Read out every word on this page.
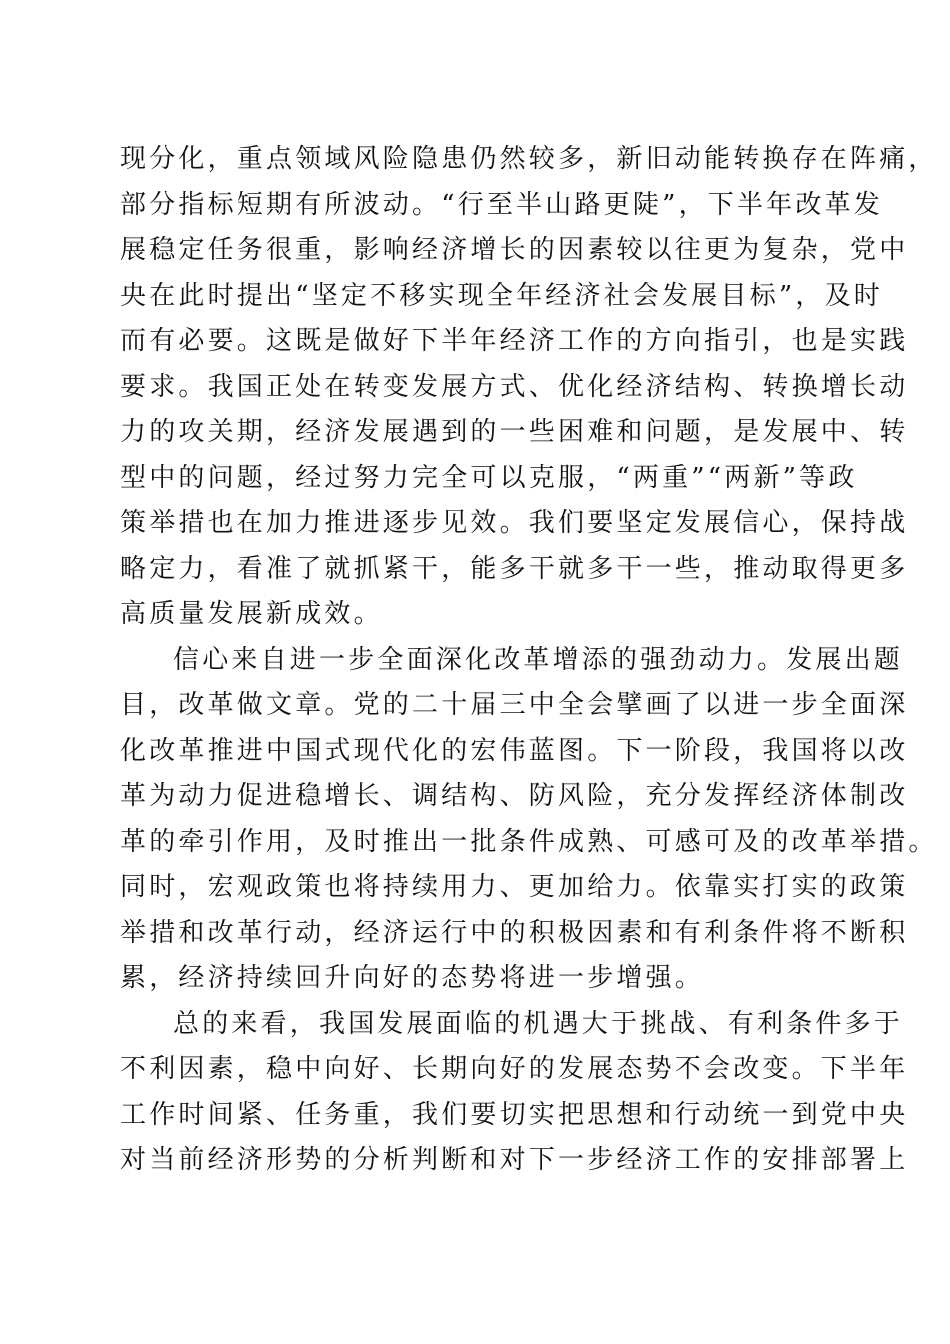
现分化，重点领域风险隐患仍然较多，新旧动能转换存在阵痛，
部分指标短期有所波动。“行至半山路更陡”，下半年改革发
展稳定任务很重，影响经济增长的因素较以往更为复杂，党中
央在此时提出“坚定不移实现全年经济社会发展目标”，及时
而有必要。这既是做好下半年经济工作的方向指引，也是实践
要求。我国正处在转变发展方式、优化经济结构、转换增长动
力的攻关期，经济发展遇到的一些困难和问题，是发展中、转
型中的问题，经过努力完全可以克服，“两重”“两新”等政
策举措也在加力推进逐步见效。我们要坚定发展信心，保持战
略定力，看准了就抓紧干，能多干就多干一些，推动取得更多
高质量发展新成效。
信心来自进一步全面深化改革增添的强劲动力。发展出题
目，改革做文章。党的二十届三中全会擘画了以进一步全面深
化改革推进中国式现代化的宏伟蓝图。下一阶段，我国将以改
革为动力促进稳增长、调结构、防风险，充分发挥经济体制改
革的牵引作用，及时推出一批条件成熟、可感可及的改革举措。
同时，宏观政策也将持续用力、更加给力。依靠实打实的政策
举措和改革行动，经济运行中的积极因素和有利条件将不断积
累，经济持续回升向好的态势将进一步增强。
总的来看，我国发展面临的机遇大于挑战、有利条件多于
不利因素，稳中向好、长期向好的发展态势不会改变。下半年
工作时间紧、任务重，我们要切实把思想和行动统一到党中央
对当前经济形势的分析判断和对下一步经济工作的安排部署上
